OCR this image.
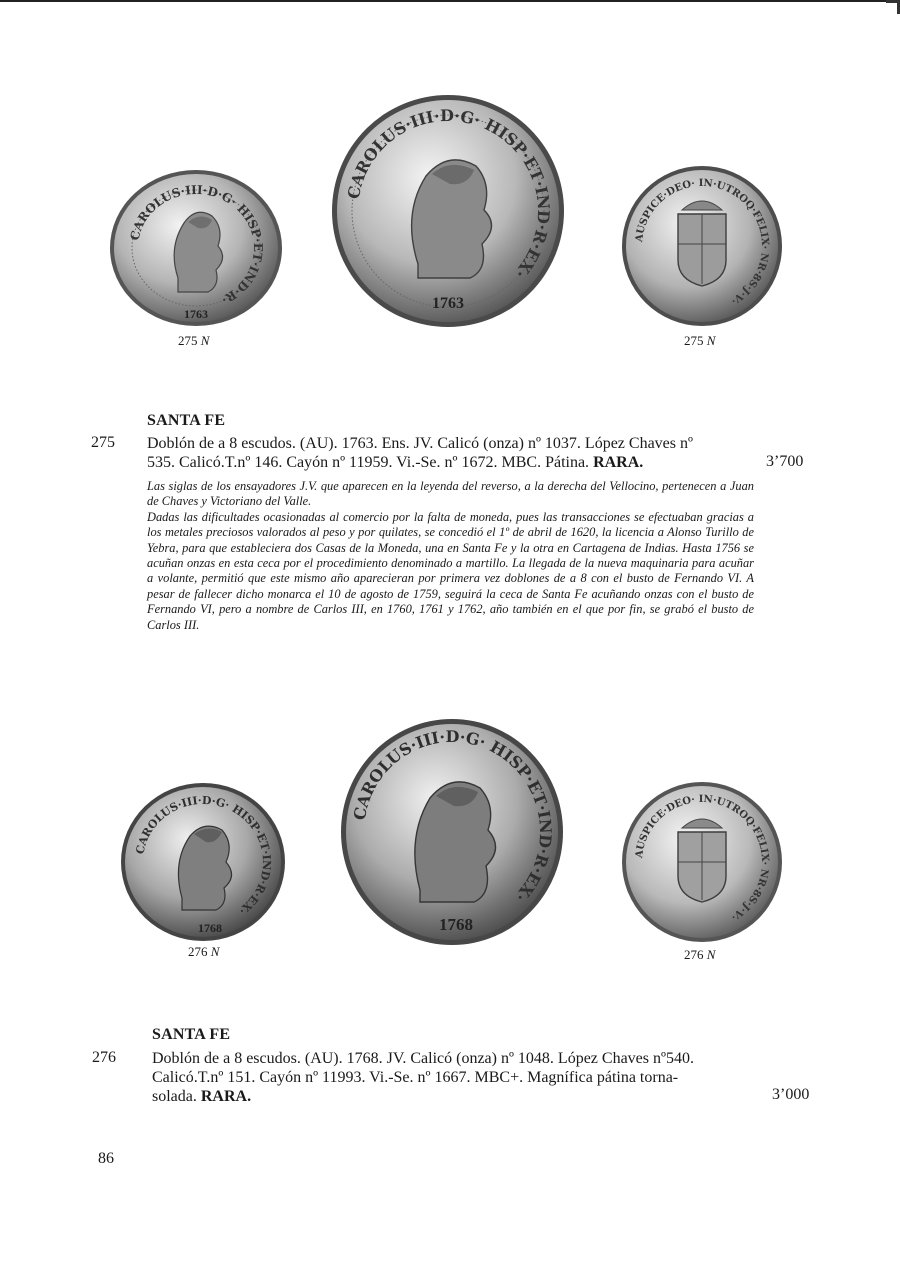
CAROLUS·III·D·G· HISP·ET·IND·R·
1763
CAROLUS·III·D·G· HISP·ET·IND·R·EX·
1763
AUSPICE·DEO· IN·UTROQ·FELIX· NR·8S·J·V·
275 N	275 N
SANTA FE
275 Doblón de a 8 escudos. (AU). 1763. Ens. JV. Calicó (onza) nº 1037. López Chaves nº
535. Calicó.T.nº 146. Cayón nº 11959. Vi.-Se. nº 1672. MBC. Pátina. RARA.	3’700

Las siglas de los ensayadores J.V. que aparecen en la leyenda del reverso, a la derecha del Vellocino, pertenecen a Juan de Chaves y Victoriano del Valle.

Dadas las dificultades ocasionadas al comercio por la falta de moneda, pues las transacciones se efectuaban gracias a los metales preciosos valorados al peso y por quilates, se concedió el 1º de abril de 1620, la licencia a Alonso Turillo de Yebra, para que estableciera dos Casas de la Moneda, una en Santa Fe y la otra en Cartagena de Indias. Hasta 1756 se acuñan onzas en esta ceca por el procedimiento denominado a martillo. La llegada de la nueva maquinaria para acuñar a volante, permitió que este mismo año aparecieran por primera vez doblones de a 8 con el busto de Fernando VI. A pesar de fallecer dicho monarca el 10 de agosto de 1759, seguirá la ceca de Santa Fe acuñando onzas con el busto de Fernando VI, pero a nombre de Carlos III, en 1760, 1761 y 1762, año también en el que por fin, se grabó el busto de Carlos III.

CAROLUS·III·D·G· HISP·ET·IND·R·EX·
1768
CAROLUS·III·D·G· HISP·ET·IND·R·EX·
1768
AUSPICE·DEO· IN·UTROQ·FELIX· NR·8S·J·V·
276 N	276 N
SANTA FE
276 Doblón de a 8 escudos. (AU). 1768. JV. Calicó (onza) nº 1048. López Chaves nº540.
Calicó.T.nº 151. Cayón nº 11993. Vi.-Se. nº 1667. MBC+. Magnífica pátina torna-
solada. RARA.	3’000
86
